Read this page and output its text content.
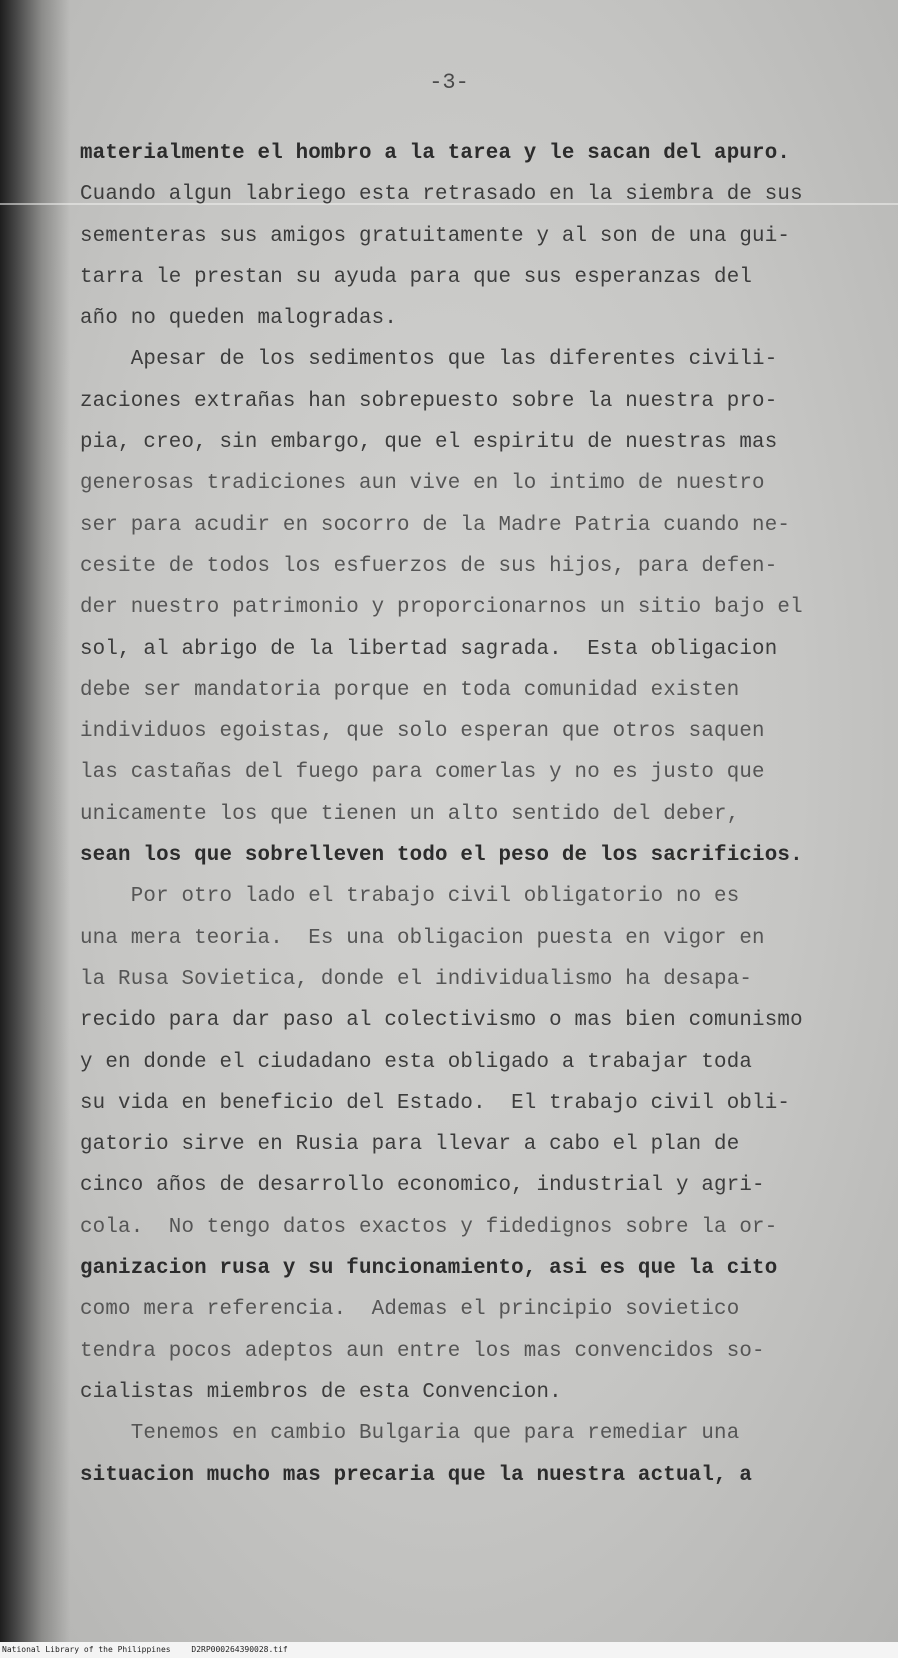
-3-
materialmente el hombro a la tarea y le sacan del apuro.
Cuando algun labriego esta retrasado en la siembra de sus
sementeras sus amigos gratuitamente y al son de una gui-
tarra le prestan su ayuda para que sus esperanzas del
año no queden malogradas.
Apesar de los sedimentos que las diferentes civili-
zaciones extrañas han sobrepuesto sobre la nuestra pro-
pia, creo, sin embargo, que el espiritu de nuestras mas
generosas tradiciones aun vive en lo intimo de nuestro
ser para acudir en socorro de la Madre Patria cuando ne-
cesite de todos los esfuerzos de sus hijos, para defen-
der nuestro patrimonio y proporcionarnos un sitio bajo el
sol, al abrigo de la libertad sagrada.  Esta obligacion
debe ser mandatoria porque en toda comunidad existen
individuos egoistas, que solo esperan que otros saquen
las castañas del fuego para comerlas y no es justo que
unicamente los que tienen un alto sentido del deber,
sean los que sobrelleven todo el peso de los sacrificios.
Por otro lado el trabajo civil obligatorio no es
una mera teoria.  Es una obligacion puesta en vigor en
la Rusa Sovietica, donde el individualismo ha desapa-
recido para dar paso al colectivismo o mas bien comunismo
y en donde el ciudadano esta obligado a trabajar toda
su vida en beneficio del Estado.  El trabajo civil obli-
gatorio sirve en Rusia para llevar a cabo el plan de
cinco años de desarrollo economico, industrial y agri-
cola.  No tengo datos exactos y fidedignos sobre la or-
ganizacion rusa y su funcionamiento, asi es que la cito
como mera referencia.  Ademas el principio sovietico
tendra pocos adeptos aun entre los mas convencidos so-
cialistas miembros de esta Convencion.
Tenemos en cambio Bulgaria que para remediar una
situacion mucho mas precaria que la nuestra actual, a
National Library of the Philippines	D2RP000264390028.tif
